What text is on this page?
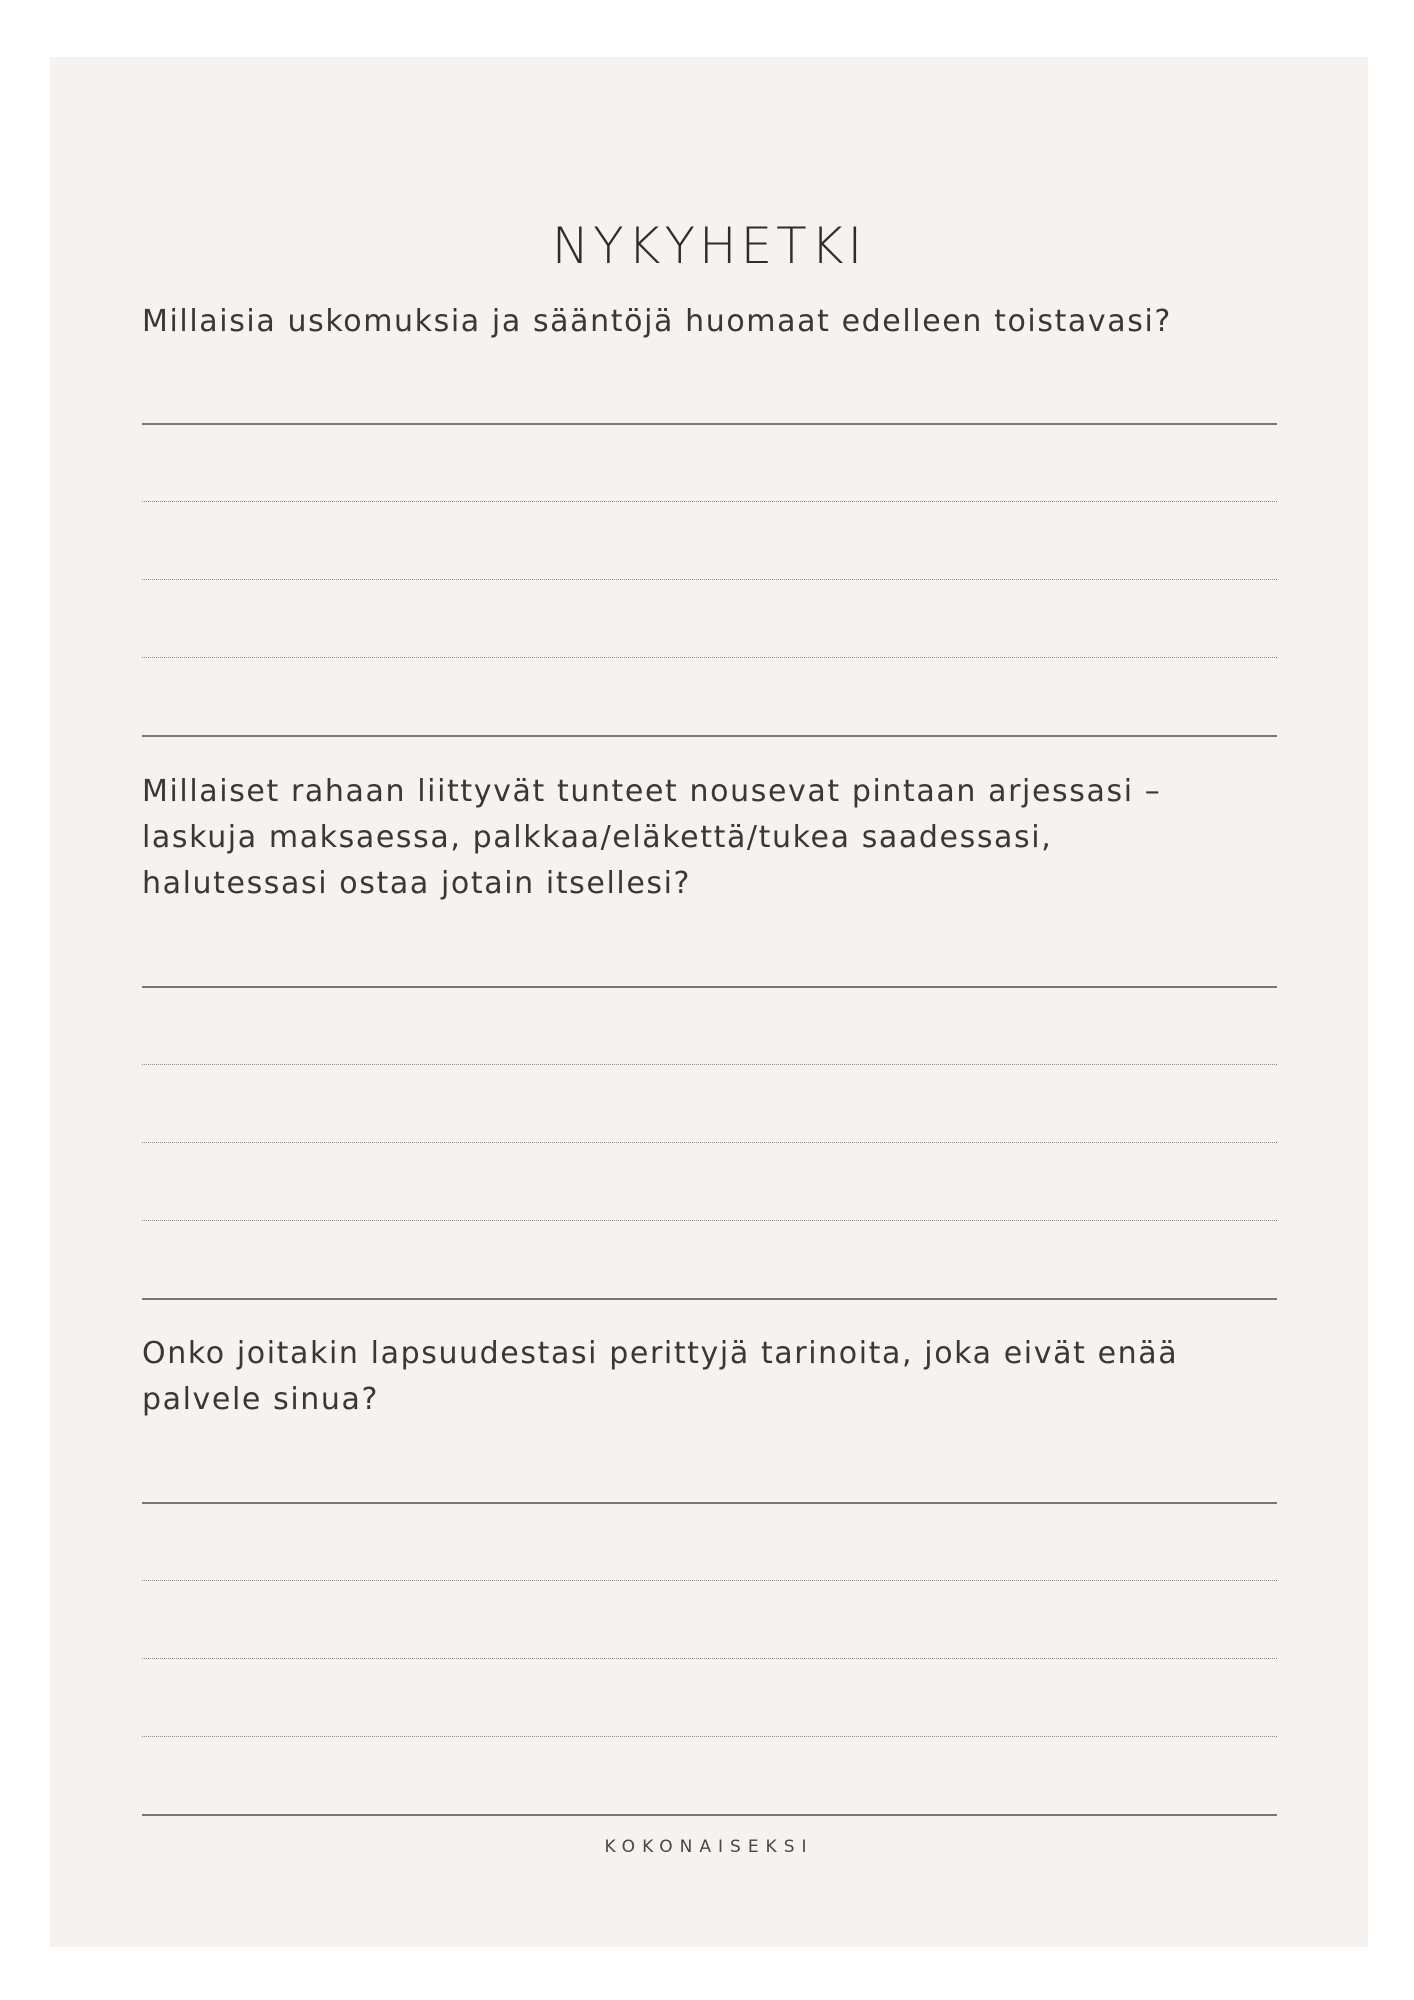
NYKYHETKI
Millaisia uskomuksia ja sääntöjä huomaat edelleen toistavasi?
Millaiset rahaan liittyvät tunteet nousevat pintaan arjessasi –
laskuja maksaessa, palkkaa/eläkettä/tukea saadessasi,
halutessasi ostaa jotain itsellesi?
Onko joitakin lapsuudestasi perittyjä tarinoita, joka eivät enää
palvele sinua?
KOKONAISEKSI
